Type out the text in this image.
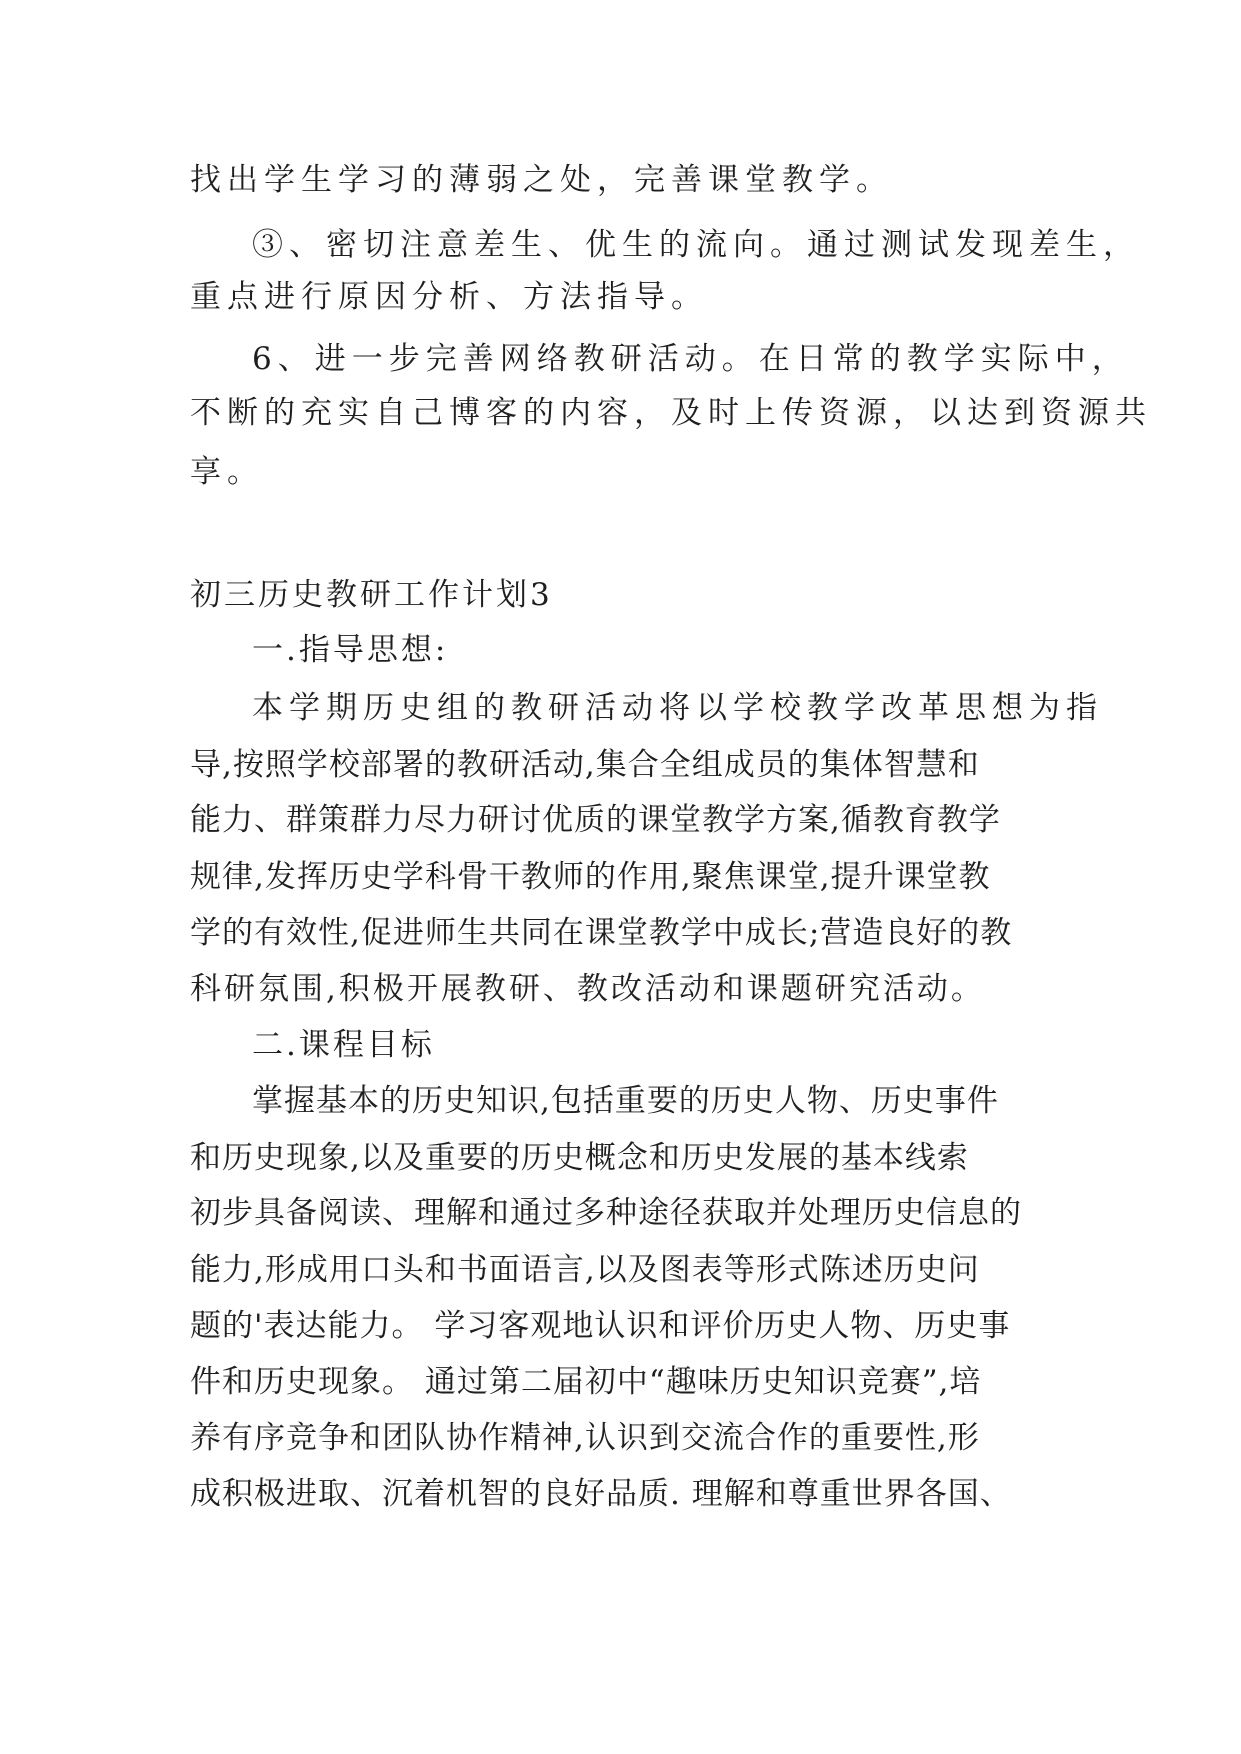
找出学生学习的薄弱之处，完善课堂教学。

③、密切注意差生、优生的流向。通过测试发现差生，

重点进行原因分析、方法指导。

6、进一步完善网络教研活动。在日常的教学实际中，

不断的充实自己博客的内容，及时上传资源，以达到资源共

享。

初三历史教研工作计划3

一.指导思想:

本学期历史组的教研活动将以学校教学改革思想为指

导,按照学校部署的教研活动,集合全组成员的集体智慧和

能力、群策群力尽力研讨优质的课堂教学方案,循教育教学

规律,发挥历史学科骨干教师的作用,聚焦课堂,提升课堂教

学的有效性,促进师生共同在课堂教学中成长;营造良好的教

科研氛围,积极开展教研、教改活动和课题研究活动。

二.课程目标

掌握基本的历史知识,包括重要的历史人物、历史事件

和历史现象,以及重要的历史概念和历史发展的基本线索

初步具备阅读、理解和通过多种途径获取并处理历史信息的

能力,形成用口头和书面语言,以及图表等形式陈述历史问

题的'表达能力。 学习客观地认识和评价历史人物、历史事

件和历史现象。 通过第二届初中“趣味历史知识竞赛”,培

养有序竞争和团队协作精神,认识到交流合作的重要性,形

成积极进取、沉着机智的良好品质. 理解和尊重世界各国、
